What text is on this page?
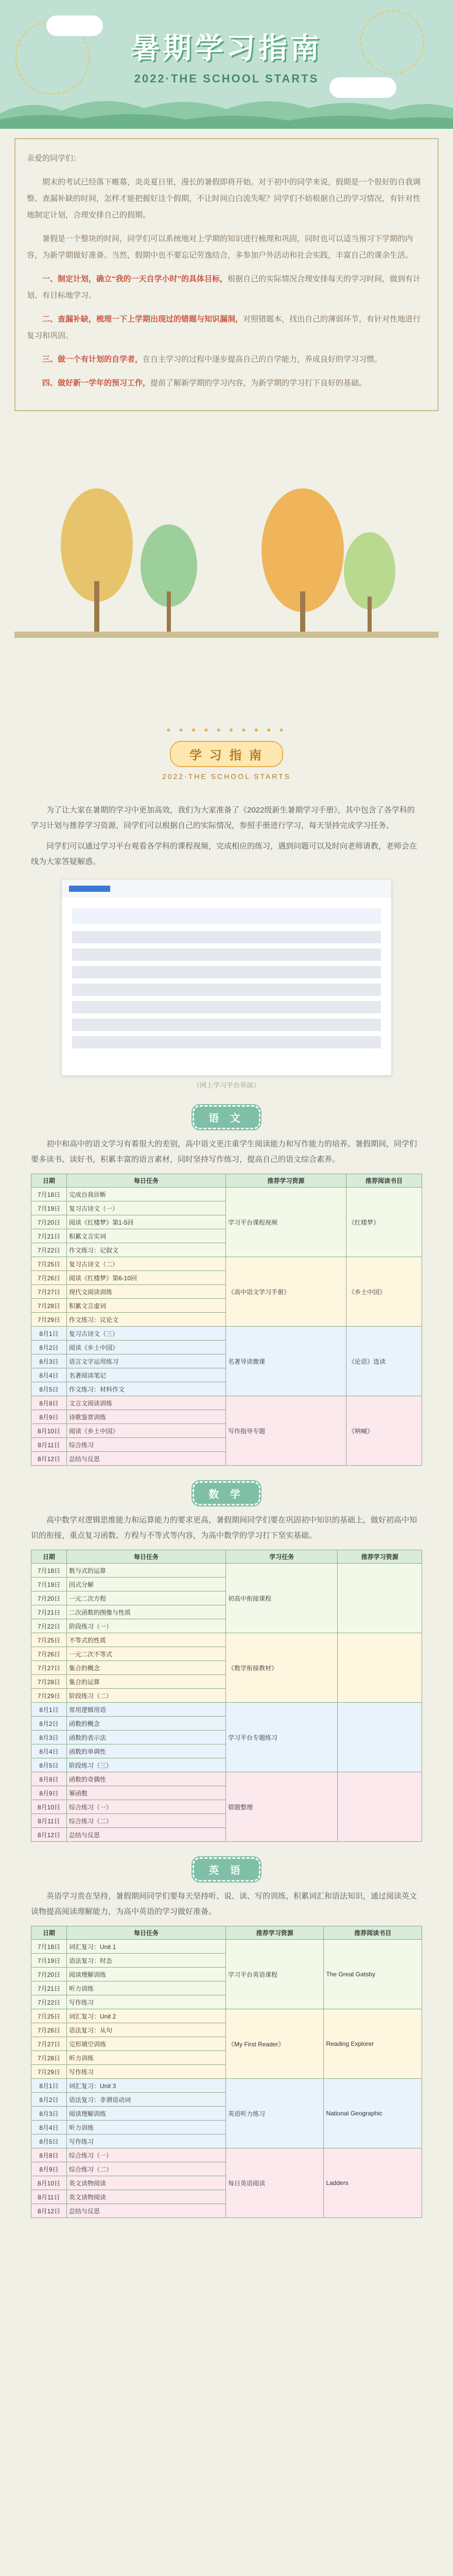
暑期学习指南
2022·THE SCHOOL STARTS

亲爱的同学们：

期末的考试已经落下帷幕，炎炎夏日里，漫长的暑假即将开始。对于初中的同学来说，假期是一个很好的自我调整、查漏补缺的时间，怎样才能把握好这个假期，不让时间白白流失呢？同学们不妨根据自己的学习情况，有针对性地制定计划，合理安排自己的假期。

暑假是一个整块的时间，同学们可以系统地对上学期的知识进行梳理和巩固，同时也可以适当预习下学期的内容，为新学期做好准备。当然，假期中也不要忘记劳逸结合，多参加户外活动和社会实践，丰富自己的课余生活。

一、制定计划，确立“我的一天自学小时”的具体目标，根据自己的实际情况合理安排每天的学习时间，做到有计划、有目标地学习。

二、查漏补缺，梳理一下上学期出现过的错题与知识漏洞，对照错题本，找出自己的薄弱环节，有针对性地进行复习和巩固。

三、做一个有计划的自学者，在自主学习的过程中逐步提高自己的自学能力，养成良好的学习习惯。

四、做好新一学年的预习工作，提前了解新学期的学习内容，为新学期的学习打下良好的基础。

● ● ● ● ● ● ● ● ● ●
学 习 指 南
2022·THE SCHOOL STARTS

为了让大家在暑期的学习中更加高效，我们为大家准备了《2022级新生暑期学习手册》，其中包含了各学科的学习计划与推荐学习资源，同学们可以根据自己的实际情况，参照手册进行学习，每天坚持完成学习任务。

同学们可以通过学习平台观看各学科的课程视频，完成相应的练习，遇到问题可以及时向老师请教，老师会在线为大家答疑解惑。

（网上学习平台界面）
语 文

初中和高中的语文学习有着很大的差别，高中语文更注重学生阅读能力和写作能力的培养。暑假期间，同学们要多读书、读好书，积累丰富的语言素材，同时坚持写作练习，提高自己的语文综合素养。

日期	每日任务	推荐学习资源	推荐阅读书目
7月18日	完成自我诊断	学习平台课程视频	《红楼梦》
7月19日	复习古诗文（一）		
7月20日	阅读《红楼梦》第1-5回		
7月21日	积累文言实词		
7月22日	作文练习：记叙文		
7月25日	复习古诗文（二）	《高中语文学习手册》	《乡土中国》
7月26日	阅读《红楼梦》第6-10回		
7月27日	现代文阅读训练		
7月28日	积累文言虚词		
7月29日	作文练习：议论文		
8月1日	复习古诗文（三）	名著导读微课	《论语》选读
8月2日	阅读《乡土中国》		
8月3日	语言文字运用练习		
8月4日	名著阅读笔记		
8月5日	作文练习：材料作文		
8月8日	文言文阅读训练	写作指导专题	《呐喊》
8月9日	诗歌鉴赏训练		
8月10日	阅读《乡土中国》		
8月11日	综合练习		
8月12日	总结与反思		
数 学

高中数学对逻辑思维能力和运算能力的要求更高，暑假期间同学们要在巩固初中知识的基础上，做好初高中知识的衔接，重点复习函数、方程与不等式等内容，为高中数学的学习打下坚实基础。

日期	每日任务	学习任务	推荐学习资源
7月18日	数与式的运算	初高中衔接课程	
7月19日	因式分解		
7月20日	一元二次方程		
7月21日	二次函数的图像与性质		
7月22日	阶段练习（一）		
7月25日	不等式的性质	《数学衔接教材》	
7月26日	一元二次不等式		
7月27日	集合的概念		
7月28日	集合的运算		
7月29日	阶段练习（二）		
8月1日	常用逻辑用语	学习平台专题练习	
8月2日	函数的概念		
8月3日	函数的表示法		
8月4日	函数的单调性		
8月5日	阶段练习（三）		
8月8日	函数的奇偶性	错题整理	
8月9日	幂函数		
8月10日	综合练习（一）		
8月11日	综合练习（二）		
8月12日	总结与反思		
英 语

英语学习贵在坚持，暑假期间同学们要每天坚持听、说、读、写的训练，积累词汇和语法知识，通过阅读英文读物提高阅读理解能力，为高中英语的学习做好准备。

日期	每日任务	推荐学习资源	推荐阅读书目
7月18日	词汇复习：Unit 1	学习平台英语课程	The Great Gatsby
7月19日	语法复习：时态		
7月20日	阅读理解训练		
7月21日	听力训练		
7月22日	写作练习		
7月25日	词汇复习：Unit 2	《My First Reader》	Reading Explorer
7月26日	语法复习：从句		
7月27日	完形填空训练		
7月28日	听力训练		
7月29日	写作练习		
8月1日	词汇复习：Unit 3	英语听力练习	National Geographic
8月2日	语法复习：非谓语动词		
8月3日	阅读理解训练		
8月4日	听力训练		
8月5日	写作练习		
8月8日	综合练习（一）	每日英语阅读	Ladders
8月9日	综合练习（二）		
8月10日	英文读物阅读		
8月11日	英文读物阅读		
8月12日	总结与反思		
